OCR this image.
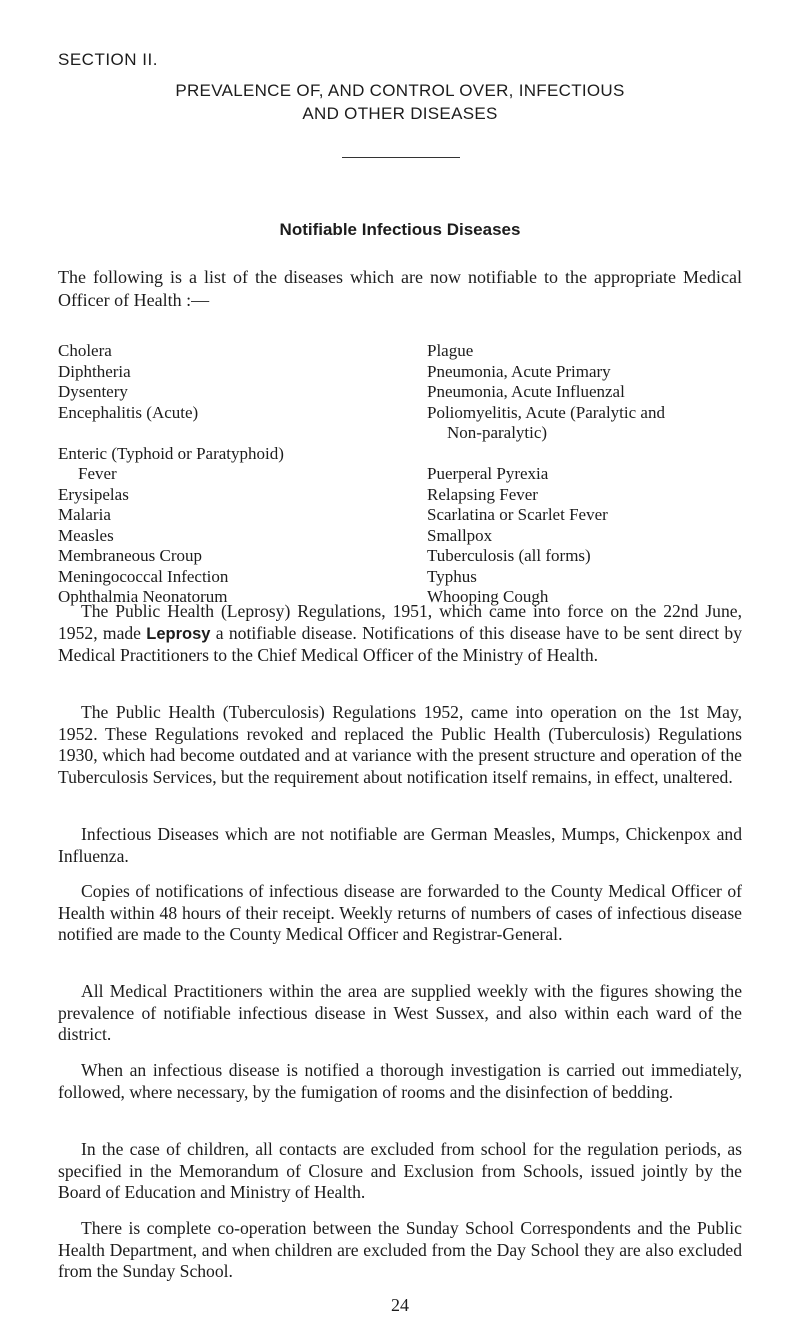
SECTION II.
PREVALENCE OF, AND CONTROL OVER, INFECTIOUS
AND OTHER DISEASES
Notifiable Infectious Diseases

The following is a list of the diseases which are now notifiable to the appropriate Medical Officer of Health :—

Cholera
Diphtheria
Dysentery
Encephalitis (Acute)
Enteric (Typhoid or Paratyphoid)
Fever
Erysipelas
Malaria
Measles
Membraneous Croup
Meningococcal Infection
Ophthalmia Neonatorum
Plague
Pneumonia, Acute Primary
Pneumonia, Acute Influenzal
Poliomyelitis, Acute (Paralytic and
Non-paralytic)
Puerperal Pyrexia
Relapsing Fever
Scarlatina or Scarlet Fever
Smallpox
Tuberculosis (all forms)
Typhus
Whooping Cough

The Public Health (Leprosy) Regulations, 1951, which came into force on the 22nd June, 1952, made Leprosy a notifiable disease. Notifications of this disease have to be sent direct by Medical Practitioners to the Chief Medical Officer of the Ministry of Health.

The Public Health (Tuberculosis) Regulations 1952, came into operation on the 1st May, 1952. These Regulations revoked and replaced the Public Health (Tuberculosis) Regulations 1930, which had become outdated and at variance with the present structure and operation of the Tuberculosis Services, but the requirement about notification itself remains, in effect, unaltered.

Infectious Diseases which are not notifiable are German Measles, Mumps, Chickenpox and Influenza.

Copies of notifications of infectious disease are forwarded to the County Medical Officer of Health within 48 hours of their receipt. Weekly returns of numbers of cases of infectious disease notified are made to the County Medical Officer and Registrar-General.

All Medical Practitioners within the area are supplied weekly with the figures showing the prevalence of notifiable infectious disease in West Sussex, and also within each ward of the district.

When an infectious disease is notified a thorough investigation is carried out immediately, followed, where necessary, by the fumigation of rooms and the disinfection of bedding.

In the case of children, all contacts are excluded from school for the regulation periods, as specified in the Memorandum of Closure and Exclusion from Schools, issued jointly by the Board of Education and Ministry of Health.

There is complete co-operation between the Sunday School Correspondents and the Public Health Department, and when children are excluded from the Day School they are also excluded from the Sunday School.

24
